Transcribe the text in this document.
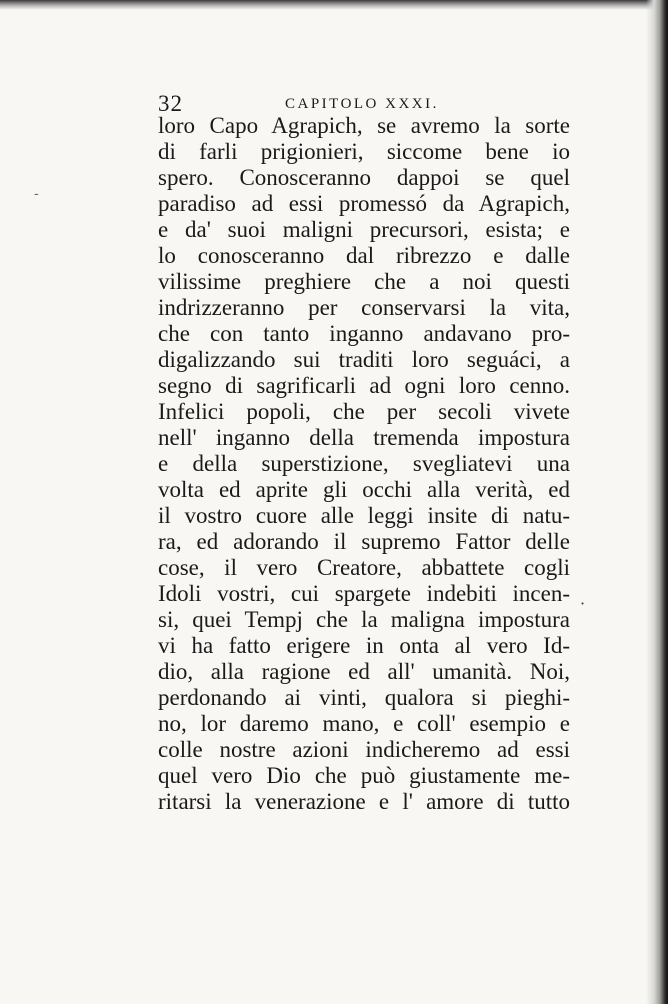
32	CAPITOLO XXXI.
-
·
loro Capo Agrapich, se avremo la sorte
di farli prigionieri, siccome bene io
spero. Conosceranno dappoi se quel
paradiso ad essi promessó da Agrapich,
e da' suoi maligni precursori, esista; e
lo conosceranno dal ribrezzo e dalle
vilissime preghiere che a noi questi
indrizzeranno per conservarsi la vita,
che con tanto inganno andavano pro-
digalizzando sui traditi loro seguáci, a
segno di sagrificarli ad ogni loro cenno.
Infelici popoli, che per secoli vivete
nell' inganno della tremenda impostura
e della superstizione, svegliatevi una
volta ed aprite gli occhi alla verità, ed
il vostro cuore alle leggi insite di natu-
ra, ed adorando il supremo Fattor delle
cose, il vero Creatore, abbattete cogli
Idoli vostri, cui spargete indebiti incen-
si, quei Tempj che la maligna impostura
vi ha fatto erigere in onta al vero Id-
dio, alla ragione ed all' umanità. Noi,
perdonando ai vinti, qualora si pieghi-
no, lor daremo mano, e coll' esempio e
colle nostre azioni indicheremo ad essi
quel vero Dio che può giustamente me-
ritarsi la venerazione e l' amore di tutto
